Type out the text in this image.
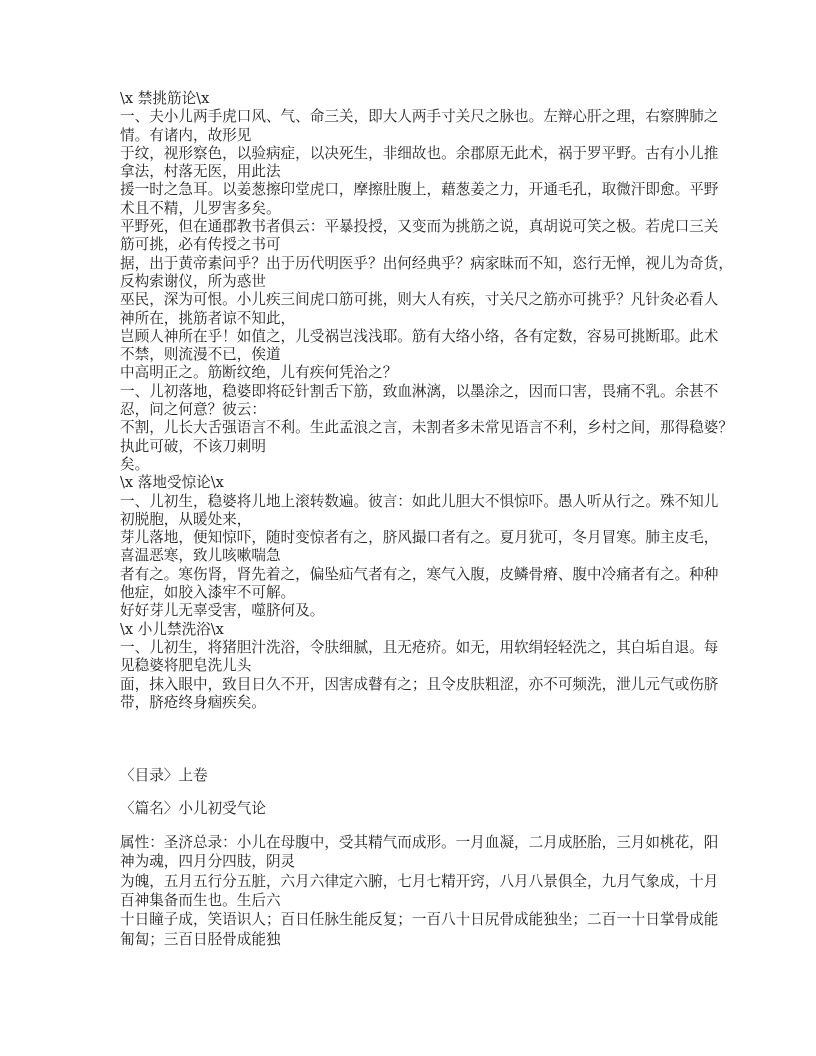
\x 禁挑筋论\x
一、夫小儿两手虎口风、气、命三关，即大人两手寸关尺之脉也。左辩心肝之理，右察脾肺之
情。有诸内，故形见
于纹，视形察色，以验病症，以决死生，非细故也。余郡原无此术，祸于罗平野。古有小儿推
拿法，村落无医，用此法
援一时之急耳。以姜葱擦印堂虎口，摩擦肚腹上，藉葱姜之力，开通毛孔，取微汗即愈。平野
术且不精，儿罗害多矣。
平野死，但在通郡教书者俱云：平暴投授，又变而为挑筋之说，真胡说可笑之极。若虎口三关
筋可挑，必有传授之书可
据，出于黄帝素问乎？出于历代明医乎？出何经典乎？病家昧而不知，恣行无惮，视儿为奇货，
反构索谢仪，所为惑世
巫民，深为可恨。小儿疾三间虎口筋可挑，则大人有疾，寸关尺之筋亦可挑乎？凡针灸必看人
神所在，挑筋者谅不知此，
岂顾人神所在乎！如值之，儿受祸岂浅浅耶。筋有大络小络，各有定数，容易可挑断耶。此术
不禁，则流漫不已，俟道
中高明正之。筋断纹绝，儿有疾何凭治之？
一、儿初落地，稳婆即将砭针割舌下筋，致血淋漓，以墨涂之，因而口害，畏痛不乳。余甚不
忍，问之何意？彼云：
不割，儿长大舌强语言不利。生此孟浪之言，未割者多未常见语言不利，乡村之间，那得稳婆？
执此可破，不该刀刺明
矣。
\x 落地受惊论\x
一、儿初生，稳婆将儿地上滚转数遍。彼言：如此儿胆大不惧惊吓。愚人听从行之。殊不知儿
初脱胞，从暖处来，
芽儿落地，便知惊吓，随时变惊者有之，脐风撮口者有之。夏月犹可，冬月冒寒。肺主皮毛，
喜温恶寒，致儿咳嗽喘急
者有之。寒伤肾，肾先着之，偏坠疝气者有之，寒气入腹，皮鳞骨瘠、腹中冷痛者有之。种种
他症，如胶入漆牢不可解。
好好芽儿无辜受害，噬脐何及。
\x 小儿禁洗浴\x
一、儿初生，将猪胆汁洗浴，令肤细腻，且无疮疥。如无，用软绢轻轻洗之，其白垢自退。每
见稳婆将肥皂洗儿头
面，抹入眼中，致目日久不开，因害成瞽有之；且令皮肤粗涩，亦不可频洗，泄儿元气或伤脐
带，脐疮终身痼疾矣。
〈目录〉上卷
〈篇名〉小儿初受气论
属性：圣济总录：小儿在母腹中，受其精气而成形。一月血凝，二月成胚胎，三月如桃花，阳
神为魂，四月分四肢，阴灵
为魄，五月五行分五脏，六月六律定六腑，七月七精开窍，八月八景俱全，九月气象成，十月
百神集备而生也。生后六
十日瞳子成，笑语识人；百日任脉生能反复；一百八十日尻骨成能独坐；二百一十日掌骨成能
匍匐；三百日胫骨成能独
